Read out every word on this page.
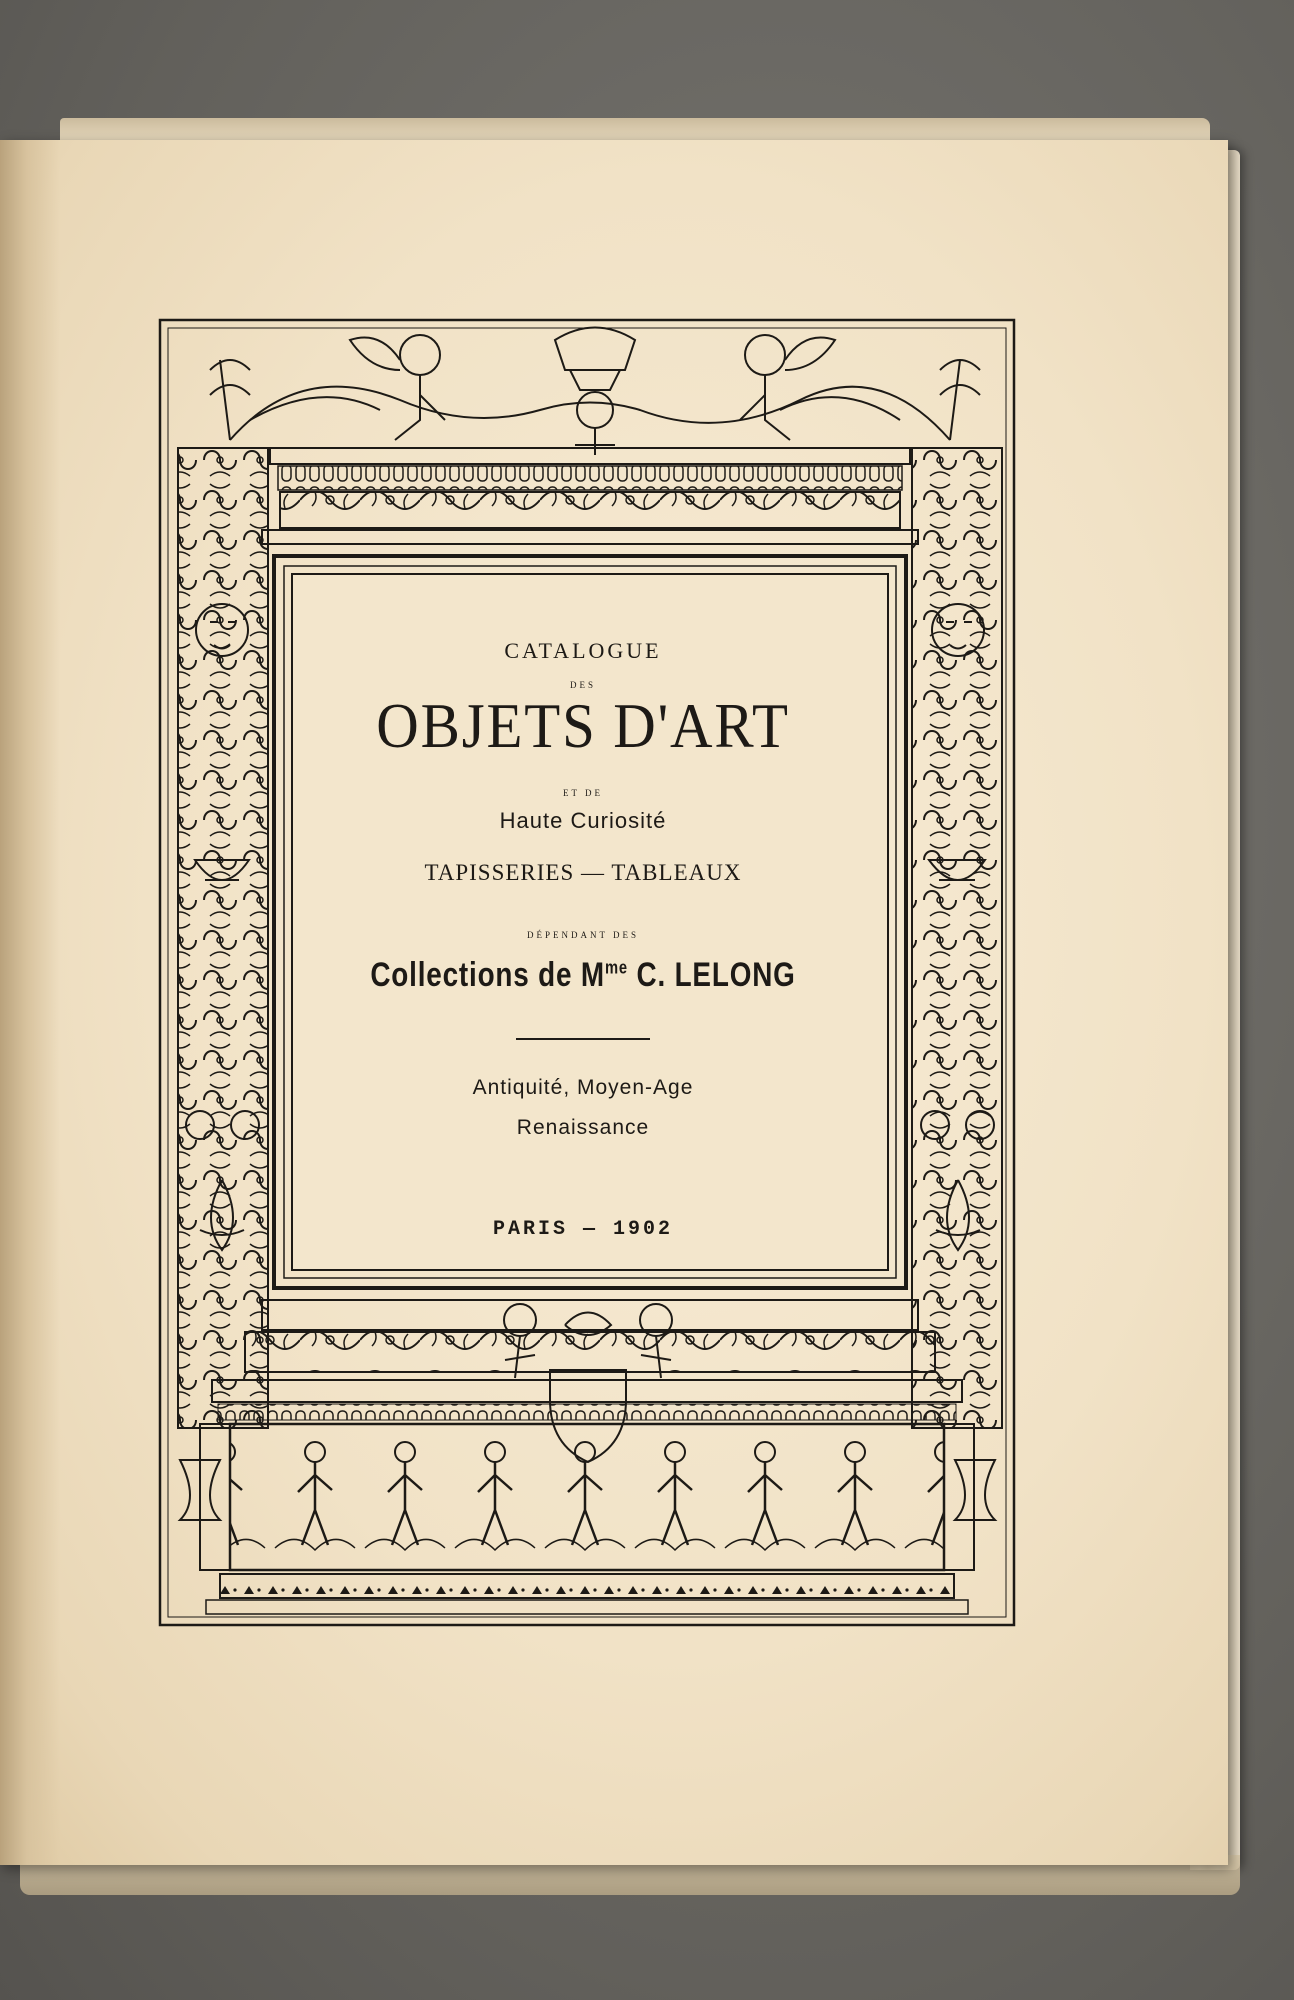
CATALOGUE
DES
OBJETS D'ART
ET DE
Haute Curiosité
TAPISSERIES — TABLEAUX
DÉPENDANT DES
Collections de $M^{me}$ C. LELONG
Antiquité, Moyen-Age
Renaissance
PARIS — 1902
